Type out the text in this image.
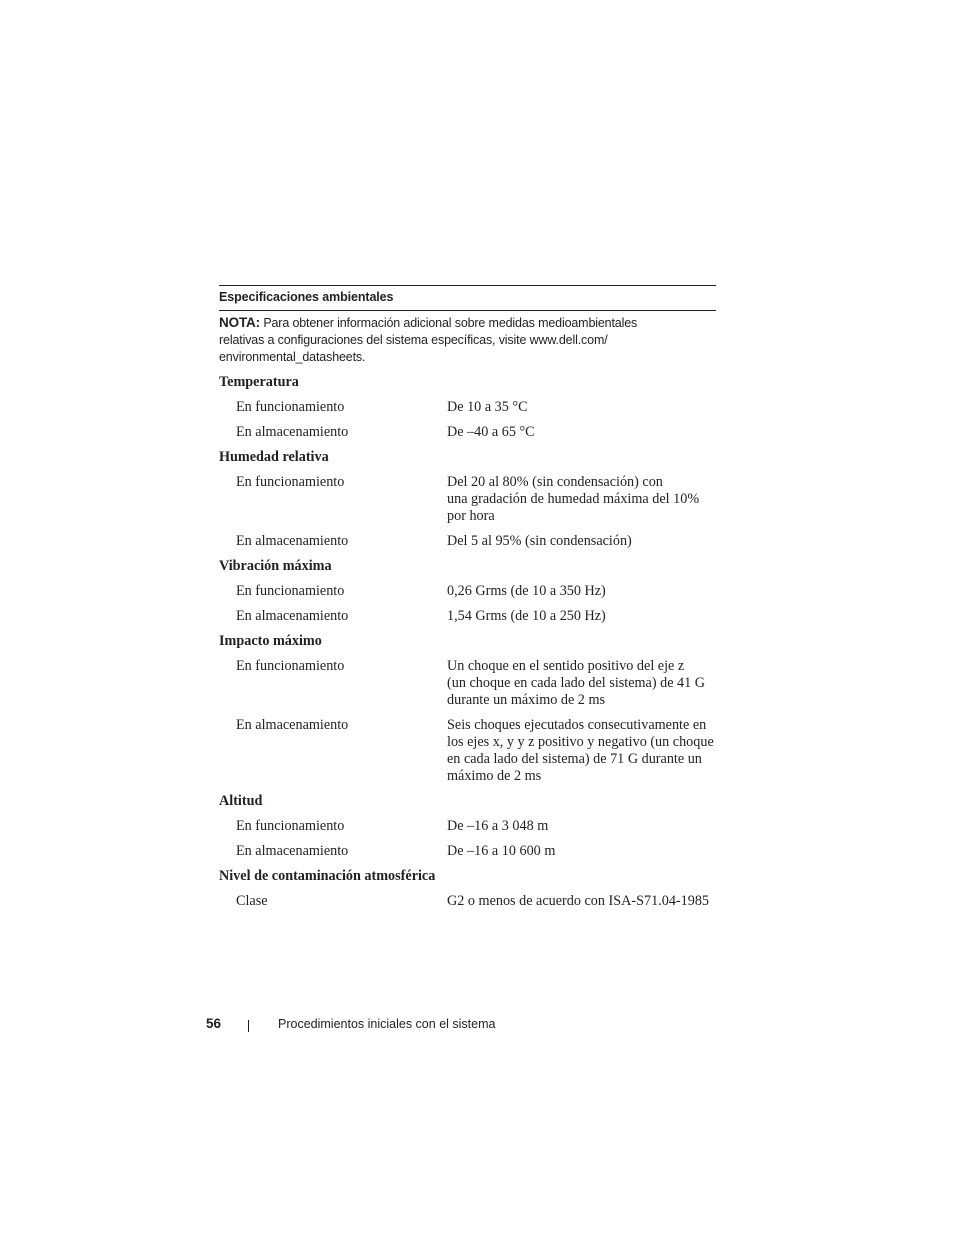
Especificaciones ambientales
NOTA: Para obtener información adicional sobre medidas medioambientales
relativas a configuraciones del sistema específicas, visite www.dell.com/
environmental_datasheets.
Temperatura
En funcionamiento	De 10 a 35 °C
En almacenamiento	De –40 a 65 °C
Humedad relativa
En funcionamiento	Del 20 al 80% (sin condensación) con
una gradación de humedad máxima del 10%
por hora
En almacenamiento	Del 5 al 95% (sin condensación)
Vibración máxima
En funcionamiento	0,26 Grms (de 10 a 350 Hz)
En almacenamiento	1,54 Grms (de 10 a 250 Hz)
Impacto máximo
En funcionamiento	Un choque en el sentido positivo del eje z
(un choque en cada lado del sistema) de 41 G
durante un máximo de 2 ms
En almacenamiento	Seis choques ejecutados consecutivamente en
los ejes x, y y z positivo y negativo (un choque
en cada lado del sistema) de 71 G durante un
máximo de 2 ms
Altitud
En funcionamiento	De –16 a 3 048 m
En almacenamiento	De –16 a 10 600 m
Nivel de contaminación atmosférica
Clase	G2 o menos de acuerdo con ISA-S71.04-1985
56	Procedimientos iniciales con el sistema
